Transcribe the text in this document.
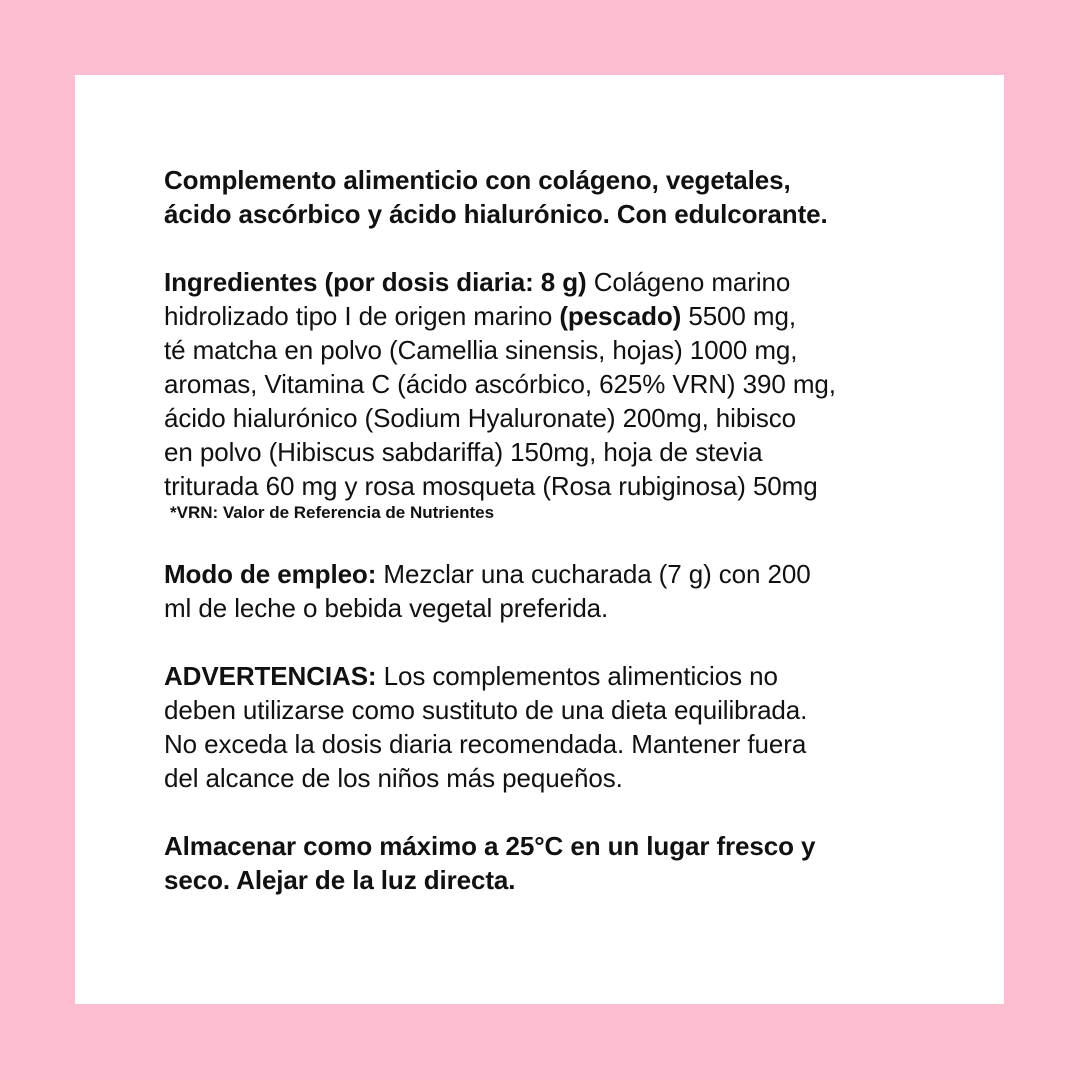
Complemento alimenticio con colágeno, vegetales,
ácido ascórbico y ácido hialurónico. Con edulcorante.

Ingredientes (por dosis diaria: 8 g) Colágeno marino
hidrolizado tipo I de origen marino (pescado) 5500 mg,
té matcha en polvo (Camellia sinensis, hojas) 1000 mg,
aromas, Vitamina C (ácido ascórbico, 625% VRN) 390 mg,
ácido hialurónico (Sodium Hyaluronate) 200mg, hibisco
en polvo (Hibiscus sabdariffa) 150mg, hoja de stevia
triturada 60 mg y rosa mosqueta (Rosa rubiginosa) 50mg

*VRN: Valor de Referencia de Nutrientes

Modo de empleo: Mezclar una cucharada (7 g) con 200
ml de leche o bebida vegetal preferida.

ADVERTENCIAS: Los complementos alimenticios no
deben utilizarse como sustituto de una dieta equilibrada.
No exceda la dosis diaria recomendada. Mantener fuera
del alcance de los niños más pequeños.

Almacenar como máximo a 25°C en un lugar fresco y
seco. Alejar de la luz directa.
